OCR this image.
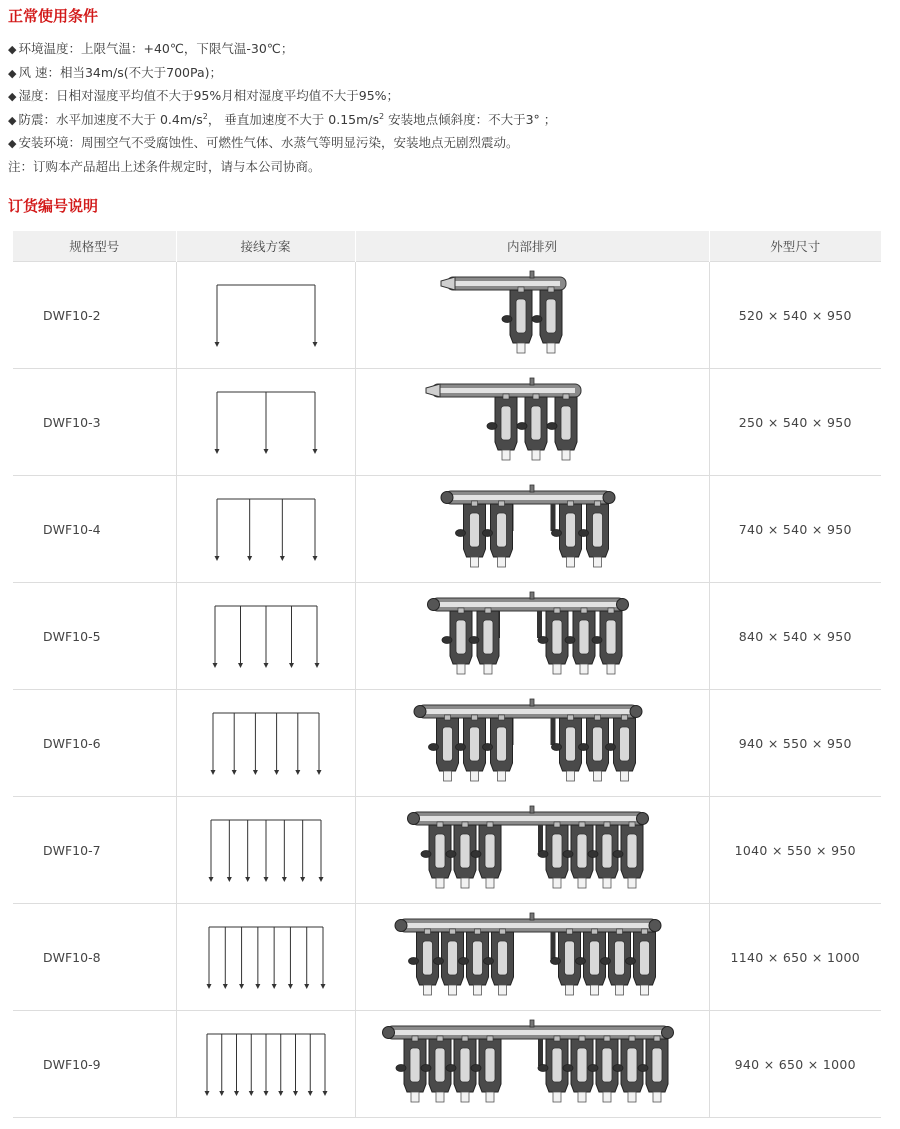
正常使用条件
◆ 环境温度：上限气温：+40℃，下限气温-30℃；
◆ 风 速：相当34m/s(不大于700Pa)；
◆ 湿度：日相对湿度平均值不大于95%月相对湿度平均值不大于95%；
◆ 防震：水平加速度不大于 $0.4m/s^2$， 垂直加速度不大于 $0.15m/s^2$ 安装地点倾斜度：不大于3° ；
◆ 安装环境：周围空气不受腐蚀性、可燃性气体、水蒸气等明显污染，安装地点无剧烈震动。
注：订购本产品超出上述条件规定时，请与本公司协商。
订货编号说明
规格型号	接线方案	内部排列	外型尺寸
DWF10-2			520 × 540 × 950
DWF10-3			250 × 540 × 950
DWF10-4			740 × 540 × 950
DWF10-5			840 × 540 × 950
DWF10-6			940 × 550 × 950
DWF10-7			1040 × 550 × 950
DWF10-8			1140 × 650 × 1000
DWF10-9			940 × 650 × 1000
